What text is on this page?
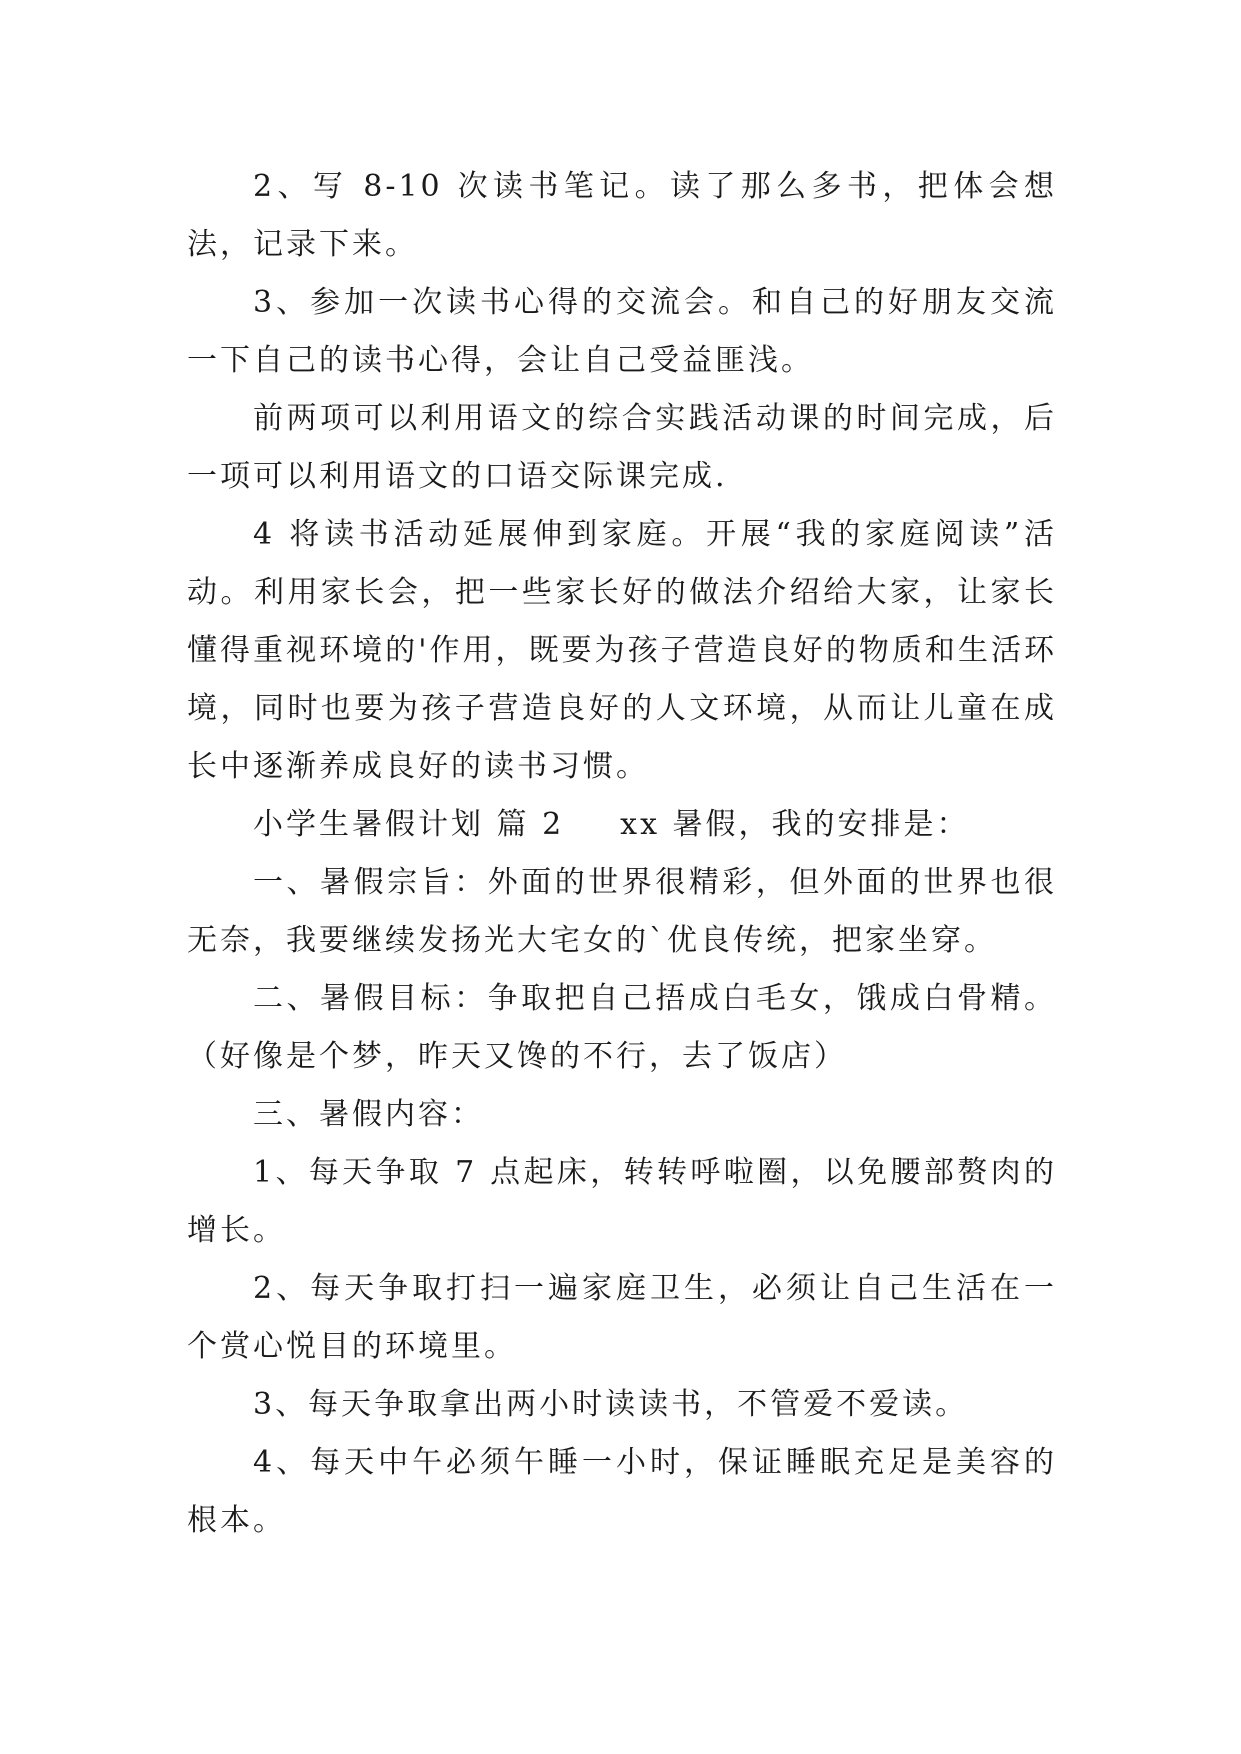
2、写 8-10 次读书笔记。读了那么多书，把体会想法，记录下来。

3、参加一次读书心得的交流会。和自己的好朋友交流一下自己的读书心得，会让自己受益匪浅。

前两项可以利用语文的综合实践活动课的时间完成，后一项可以利用语文的口语交际课完成.

4 将读书活动延展伸到家庭。开展“我的家庭阅读”活动。利用家长会，把一些家长好的做法介绍给大家，让家长懂得重视环境的'作用，既要为孩子营造良好的物质和生活环境，同时也要为孩子营造良好的人文环境，从而让儿童在成长中逐渐养成良好的读书习惯。

小学生暑假计划 篇 2 xx 暑假，我的安排是：

一、暑假宗旨：外面的世界很精彩，但外面的世界也很无奈，我要继续发扬光大宅女的`优良传统，把家坐穿。

二、暑假目标：争取把自己捂成白毛女，饿成白骨精。（好像是个梦，昨天又馋的不行，去了饭店）

三、暑假内容：

1、每天争取 7 点起床，转转呼啦圈，以免腰部赘肉的增长。

2、每天争取打扫一遍家庭卫生，必须让自己生活在一个赏心悦目的环境里。

3、每天争取拿出两小时读读书，不管爱不爱读。

4、每天中午必须午睡一小时，保证睡眠充足是美容的根本。
